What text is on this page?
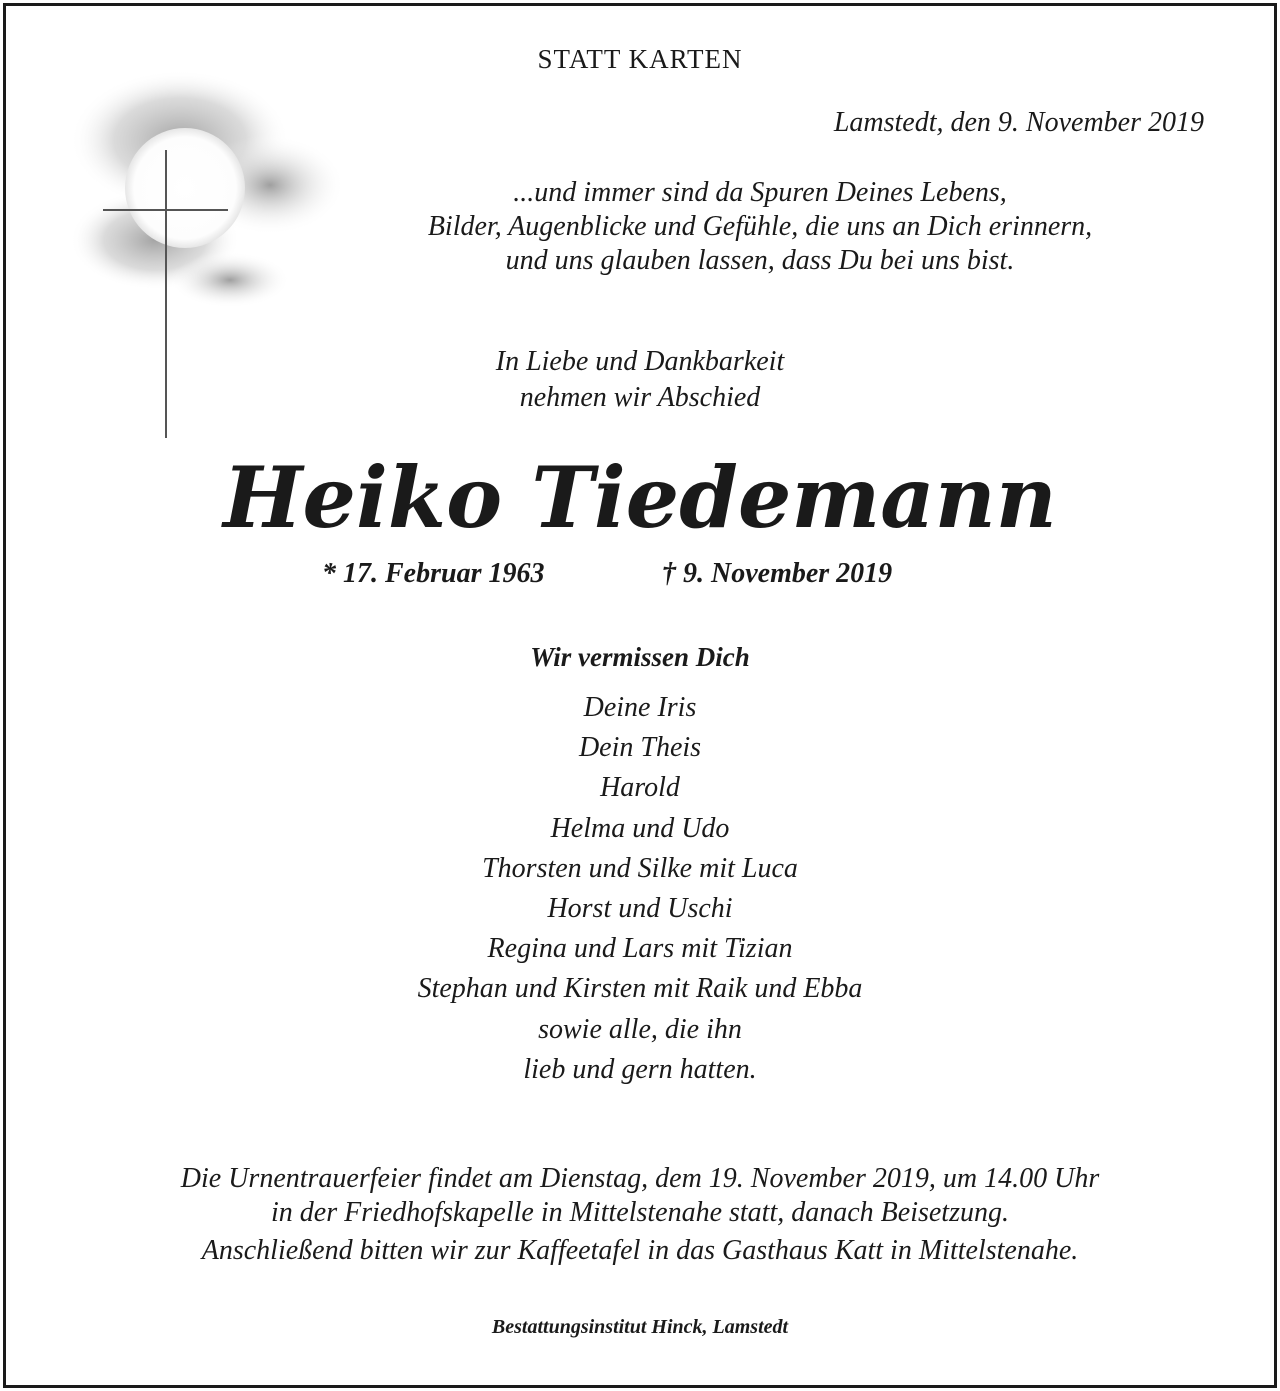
STATT KARTEN
Lamstedt, den 9. November 2019
...und immer sind da Spuren Deines Lebens,
Bilder, Augenblicke und Gefühle, die uns an Dich erinnern,
und uns glauben lassen, dass Du bei uns bist.
In Liebe und Dankbarkeit
nehmen wir Abschied
Heiko Tiedemann
* 17. Februar 1963	† 9. November 2019
Wir vermissen Dich
Deine Iris
Dein Theis
Harold
Helma und Udo
Thorsten und Silke mit Luca
Horst und Uschi
Regina und Lars mit Tizian
Stephan und Kirsten mit Raik und Ebba
sowie alle, die ihn
lieb und gern hatten.
Die Urnentrauerfeier findet am Dienstag, dem 19. November 2019, um 14.00 Uhr
in der Friedhofskapelle in Mittelstenahe statt, danach Beisetzung.
Anschließend bitten wir zur Kaffeetafel in das Gasthaus Katt in Mittelstenahe.
Bestattungsinstitut Hinck, Lamstedt
